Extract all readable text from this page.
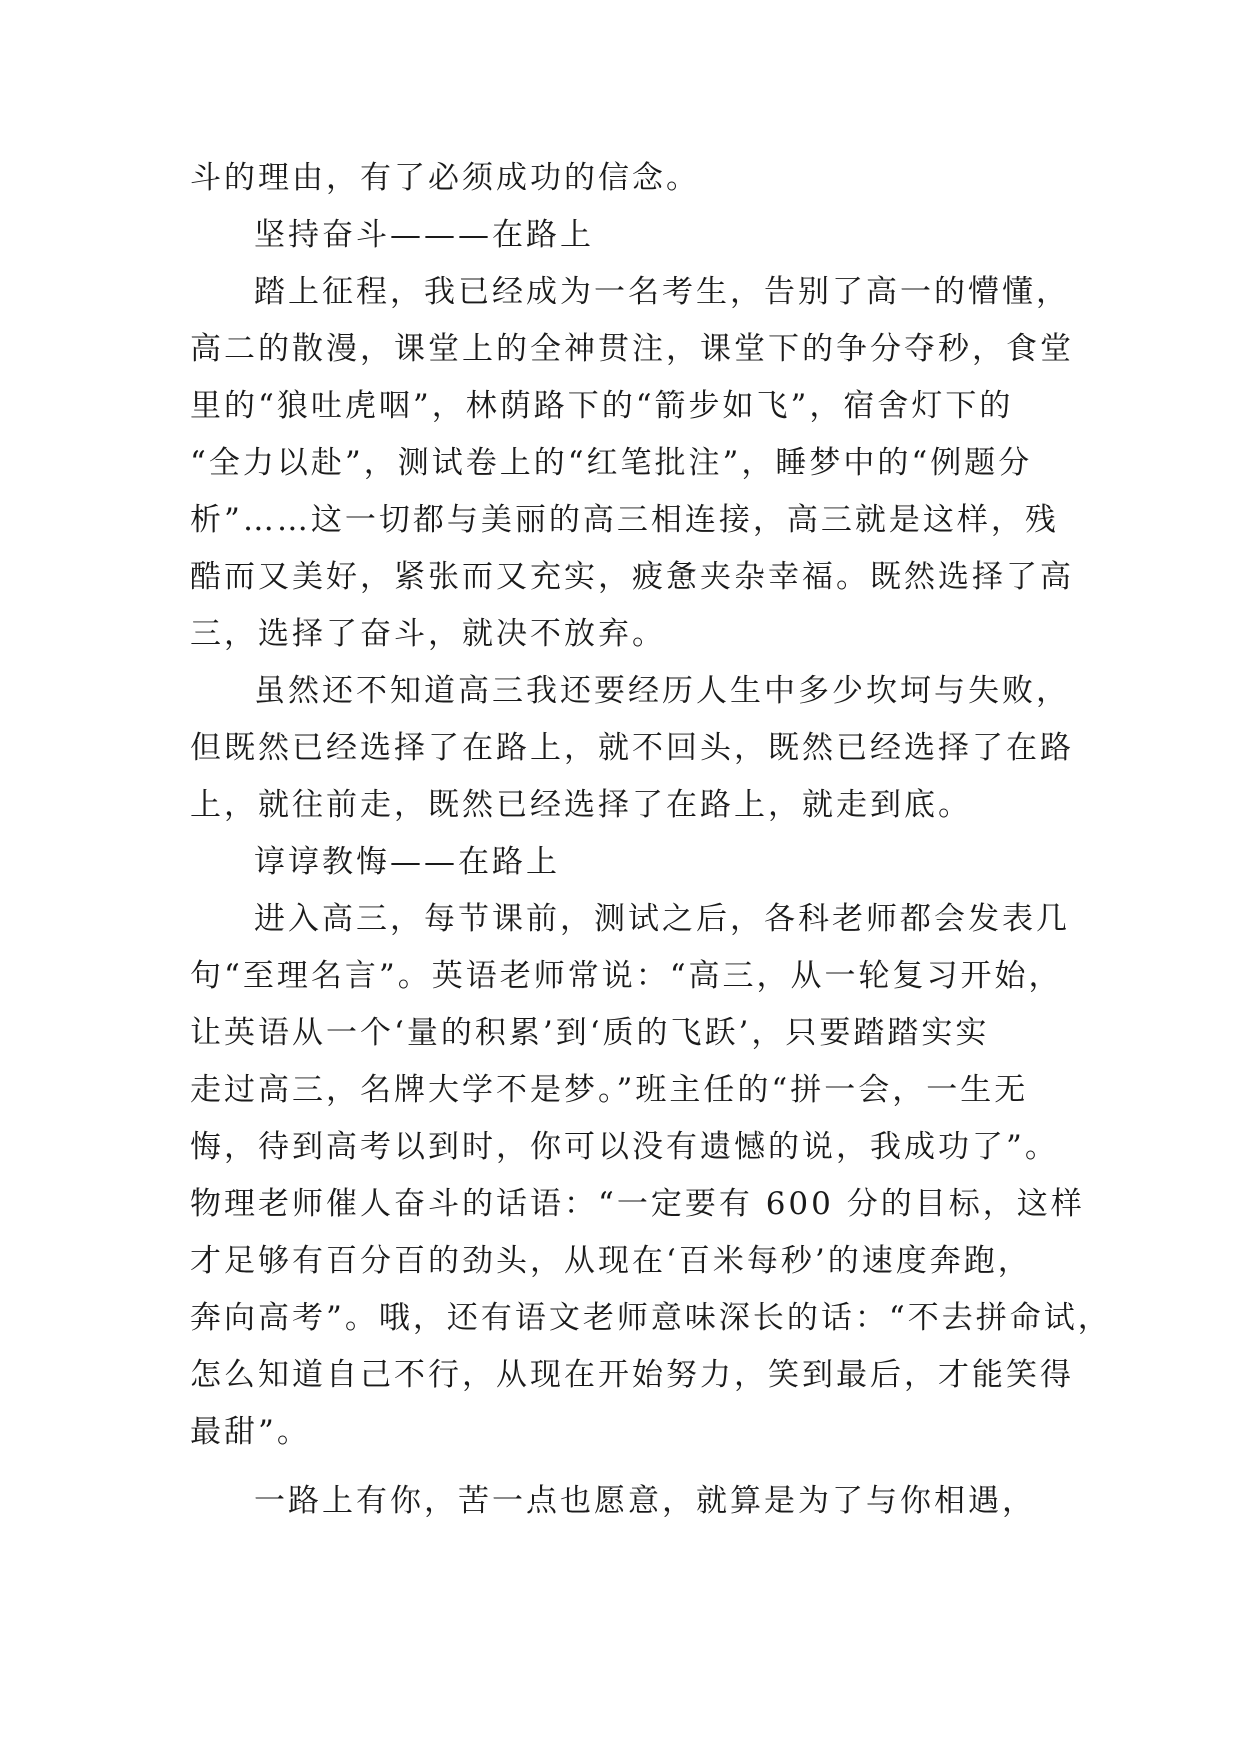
斗的理由，有了必须成功的信念。
坚持奋斗———在路上
踏上征程，我已经成为一名考生，告别了高一的懵懂，
高二的散漫，课堂上的全神贯注，课堂下的争分夺秒，食堂
里的“狼吐虎咽”，林荫路下的“箭步如飞”，宿舍灯下的
“全力以赴”，测试卷上的“红笔批注”，睡梦中的“例题分
析”……这一切都与美丽的高三相连接，高三就是这样，残
酷而又美好，紧张而又充实，疲惫夹杂幸福。既然选择了高
三，选择了奋斗，就决不放弃。
虽然还不知道高三我还要经历人生中多少坎坷与失败，
但既然已经选择了在路上，就不回头，既然已经选择了在路
上，就往前走，既然已经选择了在路上，就走到底。
谆谆教悔——在路上
进入高三，每节课前，测试之后，各科老师都会发表几
句“至理名言”。英语老师常说：“高三，从一轮复习开始，
让英语从一个‘量的积累’到‘质的飞跃’，只要踏踏实实
走过高三，名牌大学不是梦。”班主任的“拼一会，一生无
悔，待到高考以到时，你可以没有遗憾的说，我成功了”。
物理老师催人奋斗的话语：“一定要有 600 分的目标，这样
才足够有百分百的劲头，从现在‘百米每秒’的速度奔跑，
奔向高考”。哦，还有语文老师意味深长的话：“不去拼命试，
怎么知道自己不行，从现在开始努力，笑到最后，才能笑得
最甜”。
一路上有你，苦一点也愿意，就算是为了与你相遇，
